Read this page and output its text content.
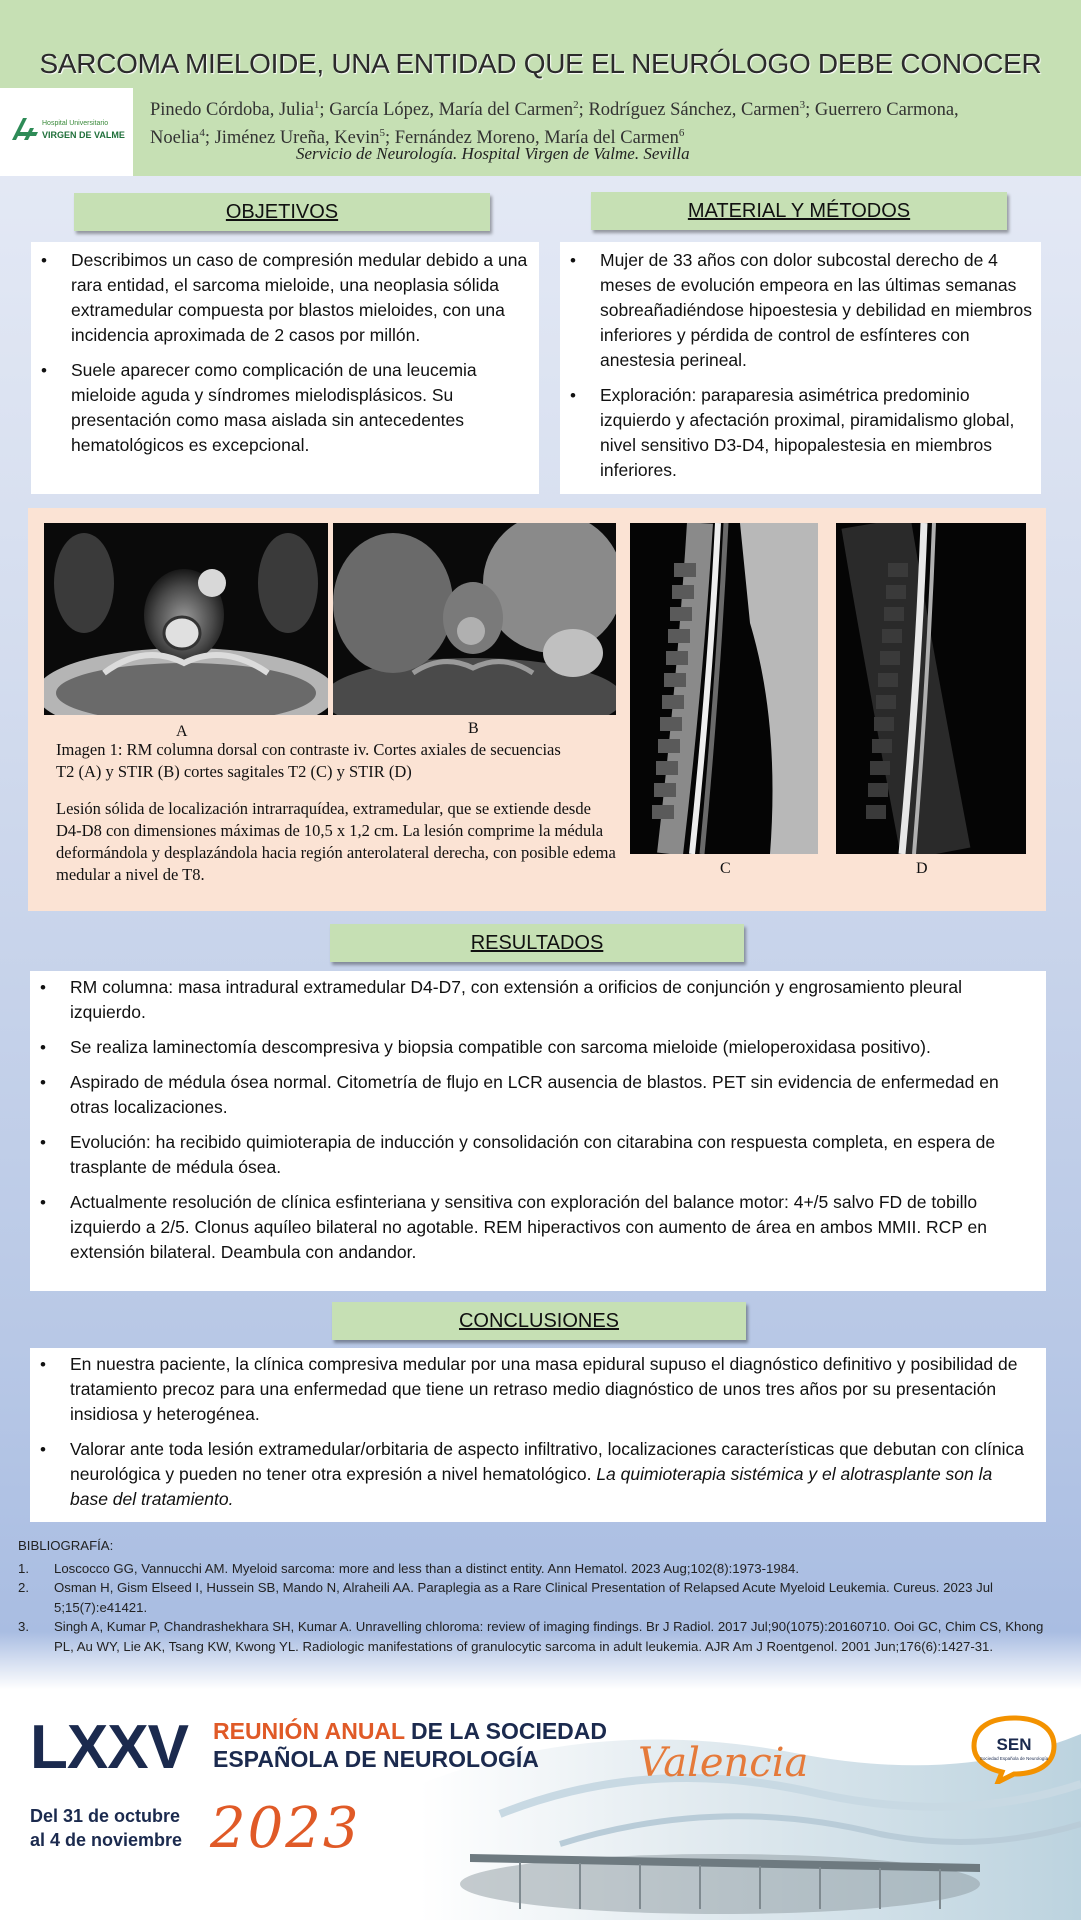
SARCOMA MIELOIDE, UNA ENTIDAD QUE EL NEURÓLOGO DEBE CONOCER
Hospital Universitario
VIRGEN DE VALME
Pinedo Córdoba, Julia$^1$; García López, María del Carmen$^2$; Rodríguez Sánchez, Carmen$^3$; Guerrero Carmona, Noelia$^4$; Jiménez Ureña, Kevin$^5$; Fernández Moreno, María del Carmen$^6$
Servicio de Neurología. Hospital Virgen de Valme. Sevilla
OBJETIVOS
• Describimos un caso de compresión medular debido a una rara entidad, el sarcoma mieloide, una neoplasia sólida extramedular compuesta por blastos mieloides, con una incidencia aproximada de 2 casos por millón.
• Suele aparecer como complicación de una leucemia mieloide aguda y síndromes mielodisplásicos. Su presentación como masa aislada sin antecedentes hematológicos es excepcional.
MATERIAL Y MÉTODOS
• Mujer de 33 años con dolor subcostal derecho de 4 meses de evolución empeora en las últimas semanas sobreañadiéndose hipoestesia y debilidad en miembros inferiores y pérdida de control de esfínteres con anestesia perineal.
• Exploración: paraparesia asimétrica predominio izquierdo y afectación proximal, piramidalismo global, nivel sensitivo D3-D4, hipopalestesia en miembros inferiores.
A	B
C	D
Imagen 1: RM columna dorsal con contraste iv. Cortes axiales de secuencias T2 (A) y STIR (B) cortes sagitales T2 (C) y STIR (D)
Lesión sólida de localización intrarraquídea, extramedular, que se extiende desde D4-D8 con dimensiones máximas de 10,5 x 1,2 cm. La lesión comprime la médula deformándola y desplazándola hacia región anterolateral derecha, con posible edema medular a nivel de T8.
RESULTADOS
• RM columna: masa intradural extramedular D4-D7, con extensión a orificios de conjunción y engrosamiento pleural izquierdo.
• Se realiza laminectomía descompresiva y biopsia compatible con sarcoma mieloide (mieloperoxidasa positivo).
• Aspirado de médula ósea normal. Citometría de flujo en LCR ausencia de blastos. PET sin evidencia de enfermedad en otras localizaciones.
• Evolución: ha recibido quimioterapia de inducción y consolidación con citarabina con respuesta completa, en espera de trasplante de médula ósea.
• Actualmente resolución de clínica esfinteriana y sensitiva con exploración del balance motor: 4+/5 salvo FD de tobillo izquierdo a 2/5. Clonus aquíleo bilateral no agotable. REM hiperactivos con aumento de área en ambos MMII. RCP en extensión bilateral. Deambula con andandor.
CONCLUSIONES
• En nuestra paciente, la clínica compresiva medular por una masa epidural supuso el diagnóstico definitivo y posibilidad de tratamiento precoz para una enfermedad que tiene un retraso medio diagnóstico de unos tres años por su presentación insidiosa y heterogénea.
• Valorar ante toda lesión extramedular/orbitaria de aspecto infiltrativo, localizaciones características que debutan con clínica neurológica y pueden no tener otra expresión a nivel hematológico. La quimioterapia sistémica y el alotrasplante son la base del tratamiento.
BIBLIOGRAFÍA:
1. Loscocco GG, Vannucchi AM. Myeloid sarcoma: more and less than a distinct entity. Ann Hematol. 2023 Aug;102(8):1973-1984.
2. Osman H, Gism Elseed I, Hussein SB, Mando N, Alraheili AA. Paraplegia as a Rare Clinical Presentation of Relapsed Acute Myeloid Leukemia. Cureus. 2023 Jul 5;15(7):e41421.
3. Singh A, Kumar P, Chandrashekhara SH, Kumar A. Unravelling chloroma: review of imaging findings. Br J Radiol. 2017 Jul;90(1075):20160710. Ooi GC, Chim CS, Khong PL, Au WY, Lie AK, Tsang KW, Kwong YL. Radiologic manifestations of granulocytic sarcoma in adult leukemia. AJR Am J Roentgenol. 2001 Jun;176(6):1427-31.
LXXV REUNIÓN ANUAL DE LA SOCIEDAD
ESPAÑOLA DE NEUROLOGÍA
Del 31 de octubre
al 4 de noviembre 2023
Valencia	SEN
Sociedad Española de Neurología
